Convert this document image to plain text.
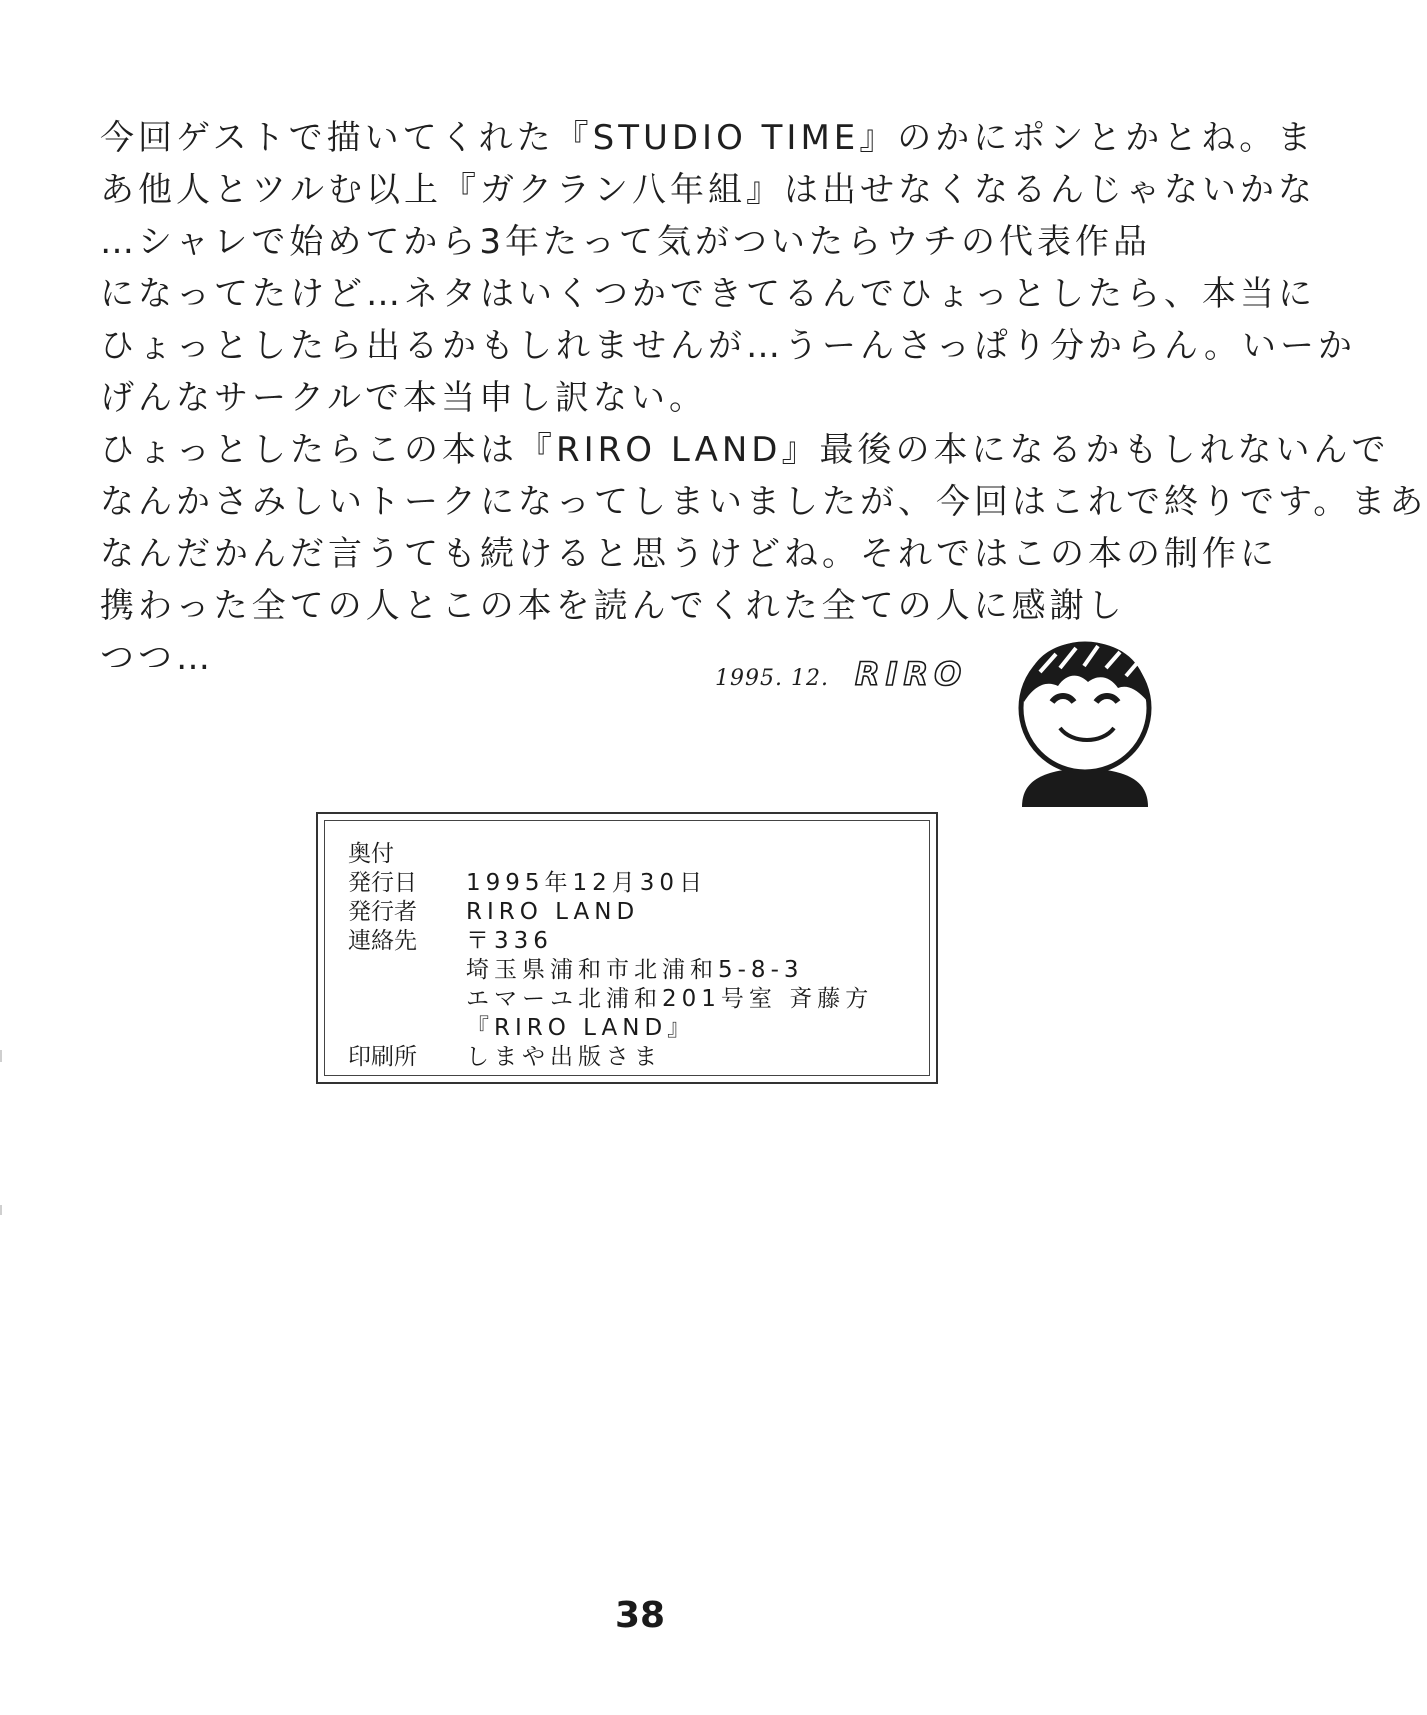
今回ゲストで描いてくれた『STUDIO TIME』のかにポンとかとね。ま
あ他人とツルむ以上『ガクラン八年組』は出せなくなるんじゃないかな
…シャレで始めてから3年たって気がついたらウチの代表作品
になってたけど…ネタはいくつかできてるんでひょっとしたら、本当に
ひょっとしたら出るかもしれませんが…うーんさっぱり分からん。いーか
げんなサークルで本当申し訳ない。
ひょっとしたらこの本は『RIRO LAND』最後の本になるかもしれないんで
なんかさみしいトークになってしまいましたが、今回はこれで終りです。まあ
なんだかんだ言うても続けると思うけどね。それではこの本の制作に
携わった全ての人とこの本を読んでくれた全ての人に感謝し
つつ…
1995. 12. RIRO
奥付
発行日	1995年12月30日
発行者	RIRO LAND
連絡先	〒336
埼玉県浦和市北浦和5-8-3
エマーユ北浦和201号室 斉藤方
『RIRO LAND』
印刷所	しまや出版さま
38
